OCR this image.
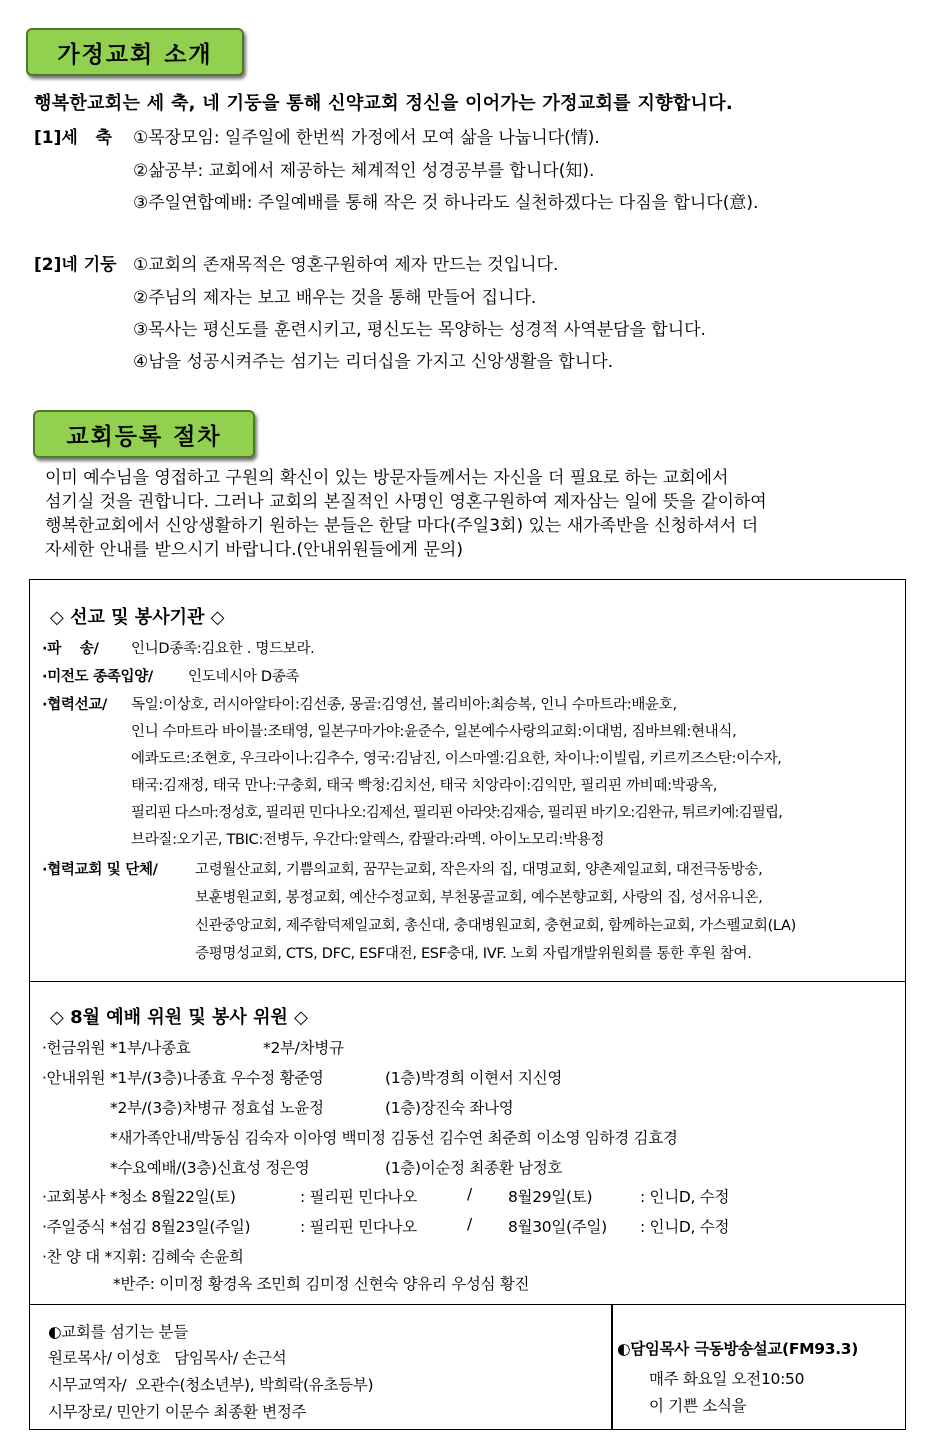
가정교회 소개
행복한교회는 세 축, 네 기둥을 통해 신약교회 정신을 이어가는 가정교회를 지향합니다.
[1]세   축 ①목장모임: 일주일에 한번씩 가정에서 모여 삶을 나눕니다(情).
②삶공부: 교회에서 제공하는 체계적인 성경공부를 합니다(知).
③주일연합예배: 주일예배를 통해 작은 것 하나라도 실천하겠다는 다짐을 합니다(意).
[2]네 기둥 ①교회의 존재목적은 영혼구원하여 제자 만드는 것입니다.
②주님의 제자는 보고 배우는 것을 통해 만들어 집니다.
③목사는 평신도를 훈련시키고, 평신도는 목양하는 성경적 사역분담을 합니다.
④남을 성공시켜주는 섬기는 리더십을 가지고 신앙생활을 합니다.
교회등록 절차
이미 예수님을 영접하고 구원의 확신이 있는 방문자들께서는 자신을 더 필요로 하는 교회에서
섬기실 것을 권합니다. 그러나 교회의 본질적인 사명인 영혼구원하여 제자삼는 일에 뜻을 같이하여
행복한교회에서 신앙생활하기 원하는 분들은 한달 마다(주일3회) 있는 새가족반을 신청하셔서 더
자세한 안내를 받으시기 바랍니다.(안내위원들에게 문의)
◇ 선교 및 봉사기관 ◇
·파    송/ 인니D종족:김요한 . 명드보라.
·미전도 종족입양/ 인도네시아 D종족
·협력선교/ 독일:이상호, 러시아알타이:김선종, 몽골:김영선, 볼리비아:최승복, 인니 수마트라:배윤호,
인니 수마트라 바이블:조태영, 일본구마가야:윤준수, 일본예수사랑의교회:이대범, 짐바브웨:현내식,
에콰도르:조현호, 우크라이나:김추수, 영국:김남진, 이스마엘:김요한, 차이나:이빌립, 키르끼즈스탄:이수자,
태국:김재정, 태국 만나:구충회, 태국 빡청:김치선, 태국 치앙라이:김익만, 필리핀 까비떼:박광옥,
필리핀 다스마:정성호, 필리핀 민다나오:김제선, 필리핀 아라얏:김재승, 필리핀 바기오:김완규, 튀르키예:김필립,
브라질:오기곤, TBIC:전병두, 우간다:알렉스, 캄팔라:라멕. 아이노모리:박용정
·협력교회 및 단체/	고령월산교회, 기쁨의교회, 꿈꾸는교회, 작은자의 집, 대명교회, 양촌제일교회, 대전극동방송,
보훈병원교회, 봉정교회, 예산수정교회, 부천몽골교회, 예수본향교회, 사랑의 집, 성서유니온,
신관중앙교회, 제주함덕제일교회, 총신대, 충대병원교회, 충현교회, 함께하는교회, 가스펠교회(LA)
증평명성교회, CTS, DFC, ESF대전, ESF충대, IVF. 노회 자립개발위원회를 통한 후원 참여.
◇ 8월 예배 위원 및 봉사 위원 ◇
·헌금위원 *1부/나종효	*2부/차병규
·안내위원 *1부/(3층)나종효 우수정 황준영	(1층)박경희 이현서 지신영
*2부/(3층)차병규 정효섭 노윤정	(1층)장진숙 좌나영
*새가족안내/박동심 김숙자 이아영 백미정 김동선 김수연 최준희 이소영 임하경 김효경
*수요예배/(3층)신효성 정은영	(1층)이순정 최종환 남정호
·교회봉사 *청소 8월22일(토)	: 필리핀 민다나오	/ 8월29일(토)	: 인니D, 수정
·주일중식 *섬김 8월23일(주일)	: 필리핀 민다나오	/ 8월30일(주일) : 인니D, 수정
·찬 양 대 *지휘: 김혜숙 손윤희
*반주: 이미정 황경옥 조민희 김미정 신현숙 양유리 우성심 황진
◐교회를 섬기는 분들
원로목사/ 이성호   담임목사/ 손근석
시무교역자/  오관수(청소년부), 박희락(유초등부)
시무장로/ 민안기 이문수 최종환 변정주
◐담임목사 극동방송설교(FM93.3)
매주 화요일 오전10:50
이 기쁜 소식을
